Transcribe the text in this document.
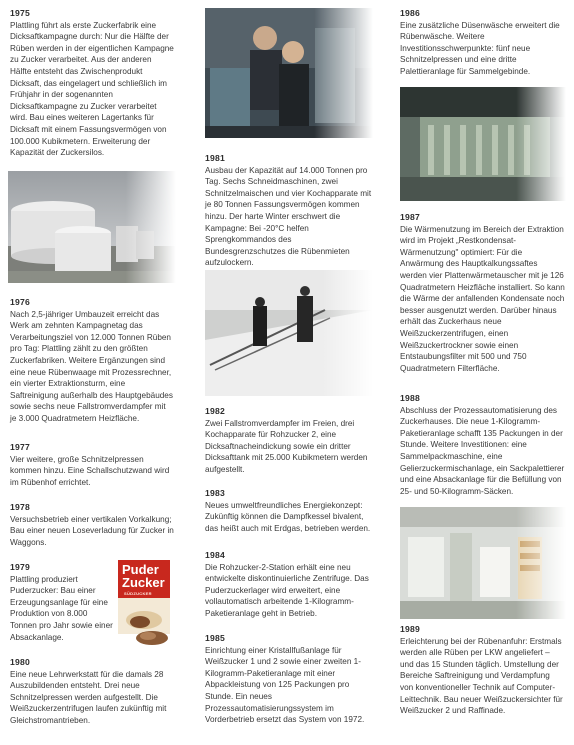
1975

Plattling führt als erste Zuckerfabrik eine Dicksaftkampagne durch: Nur die Hälfte der Rüben werden in der eigentlichen Kampagne zu Zucker verarbeitet. Aus der anderen Hälfte entsteht das Zwischenprodukt Dicksaft, das eingelagert und schließlich im Frühjahr in der sogenannten Dicksaftkampagne zu Zucker verarbeitet wird. Bau eines weiteren Lagertanks für Dicksaft mit einem Fassungsvermögen von 100.000 Kubikmetern. Erweiterung der Kapazität der Zuckersilos.

1976

Nach 2,5-jähriger Umbauzeit erreicht das Werk am zehnten Kampagnetag das Verarbeitungsziel von 12.000 Tonnen Rüben pro Tag: Plattling zählt zu den größten Zuckerfabriken. Weitere Ergänzungen sind eine neue Rübenwaage mit Prozessrechner, ein vierter Extraktionsturm, eine Saftreinigung außerhalb des Hauptgebäudes sowie sechs neue Fallstromverdampfer mit je 3.000 Quadratmetern Heizfläche.

1977

Vier weitere, große Schnitzelpressen kommen hinzu. Eine Schallschutzwand wird im Rübenhof errichtet.

1978

Versuchsbetrieb einer vertikalen Vorkalkung; Bau einer neuen Loseverladung für Zucker in Waggons.

1979

Plattling produziert Puderzucker: Bau einer Erzeugungsanlage für eine Produktion von 8.000 Tonnen pro Jahr sowie einer Absackanlage.

Puder
Zucker
SÜDZUCKER
1980

Eine neue Lehrwerkstatt für die damals 28 Auszubildenden entsteht. Drei neue Schnitzelpressen werden aufgestellt. Die Weißzuckerzentrifugen laufen zukünftig mit Gleichstromantrieben.

1981

Ausbau der Kapazität auf 14.000 Tonnen pro Tag. Sechs Schneidmaschinen, zwei Schnitzelmaischen und vier Kochapparate mit je 80 Tonnen Fassungsvermögen kommen hinzu. Der harte Winter erschwert die Kampagne: Bei -20°C helfen Sprengkommandos des Bundesgrenzschutzes die Rübenmieten aufzulockern.

1982

Zwei Fallstromverdampfer im Freien, drei Kochapparate für Rohzucker 2, eine Dicksaftnacheindickung sowie ein dritter Dicksafttank mit 25.000 Kubikmetern werden aufgestellt.

1983

Neues umweltfreundliches Energiekonzept: Zukünftig können die Dampfkessel bivalent, das heißt auch mit Erdgas, betrieben werden.

1984

Die Rohzucker-2-Station erhält eine neu entwickelte diskontinuierliche Zentrifuge. Das Puderzuckerlager wird erweitert, eine vollautomatisch arbeitende 1-Kilogramm-Paketieranlage geht in Betrieb.

1985

Einrichtung einer Kristallfußanlage für Weißzucker 1 und 2 sowie einer zweiten 1-Kilogramm-Paketieranlage mit einer Abpackleistung von 125 Packungen pro Stunde. Ein neues Prozessautomatisierungssystem im Vorderbetrieb ersetzt das System von 1972.

1986

Eine zusätzliche Düsenwäsche erweitert die Rübenwäsche. Weitere Investitionsschwerpunkte: fünf neue Schnitzelpressen und eine dritte Palettieranlage für Sammelgebinde.

1987

Die Wärmenutzung im Bereich der Extraktion wird im Projekt „Restkondensat-Wärmenutzung" optimiert: Für die Anwärmung des Hauptkalkungssaftes werden vier Plattenwärmetauscher mit je 126 Quadratmetern Heizfläche installiert. So kann die Wärme der anfallenden Kondensate noch besser ausgenutzt werden. Darüber hinaus erhält das Zuckerhaus neue Weißzuckerzentrifugen, einen Weißzuckertrockner sowie einen Entstaubungsfilter mit 500 und 750 Quadratmetern Filterfläche.

1988

Abschluss der Prozessautomatisierung des Zuckerhauses. Die neue 1-Kilogramm-Paketieranlage schafft 135 Packungen in der Stunde. Weitere Investitionen: eine Sammelpackmaschine, eine Gelierzuckermischanlage, ein Sackpalettierer und eine Absackanlage für die Befüllung von 25- und 50-Kilogramm-Säcken.

1989

Erleichterung bei der Rübenanfuhr: Erstmals werden alle Rüben per LKW angeliefert – und das 15 Stunden täglich. Umstellung der Bereiche Saftreinigung und Verdampfung von konventioneller Technik auf Computer-Leittechnik. Bau neuer Weißzuckersichter für Weißzucker 2 und Raffinade.
